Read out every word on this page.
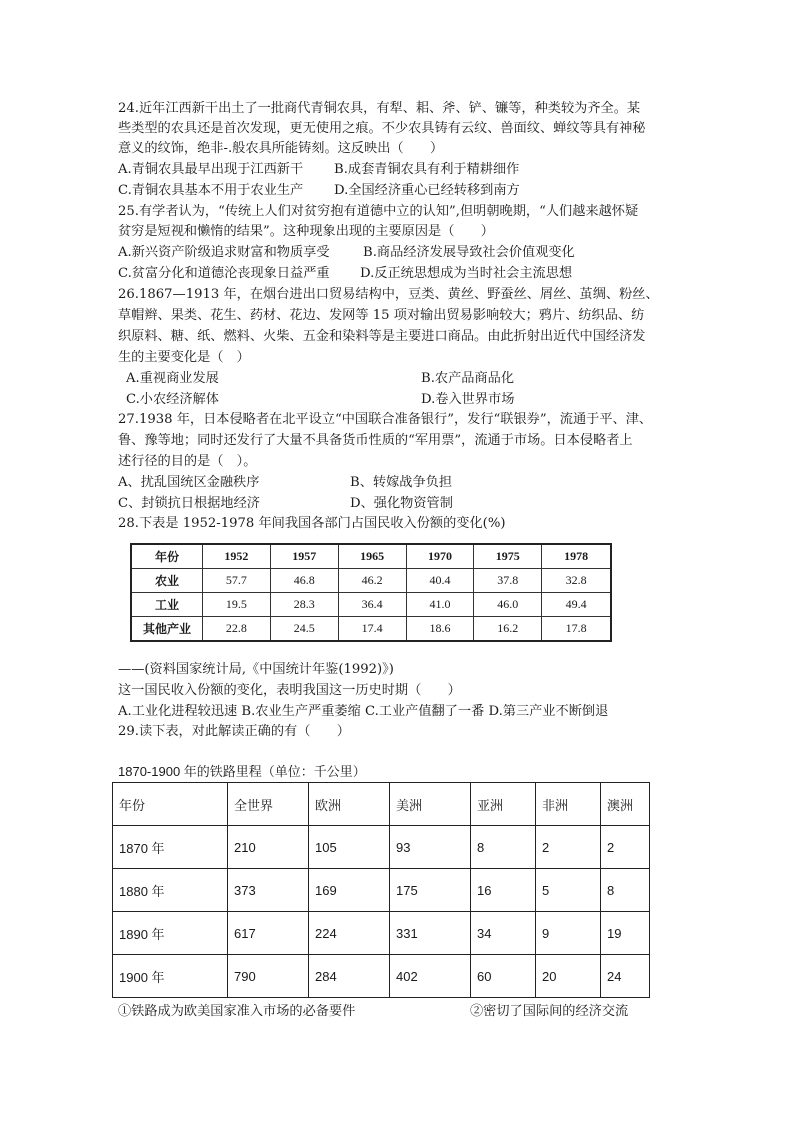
24.近年江西新干出土了一批商代青铜农具，有犁、耜、斧、铲、镰等，种类较为齐全。某
些类型的农具还是首次发现，更无使用之痕。不少农具铸有云纹、兽面纹、蝉纹等具有神秘
意义的纹饰，绝非-.般农具所能铸刻。这反映出（　　）
A.青铜农具最早出现于江西新干 B.成套青铜农具有利于精耕细作
C.青铜农具基本不用于农业生产 D.全国经济重心已经转移到南方
25.有学者认为，“传统上人们对贫穷抱有道德中立的认知”,但明朝晚期，“人们越来越怀疑
贫穷是短视和懒惰的结果”。这种现象出现的主要原因是（　　）
A.新兴资产阶级追求财富和物质享受	B.商品经济发展导致社会价值观变化
C.贫富分化和道德沦丧现象日益严重 D.反正统思想成为当时社会主流思想
26.1867—1913 年，在烟台进出口贸易结构中，豆类、黄丝、野蚕丝、屑丝、茧绸、粉丝、
草帽辫、果类、花生、药材、花边、发网等 15 项对输出贸易影响较大；鸦片、纺织品、纺
织原料、糖、纸、燃料、火柴、五金和染料等是主要进口商品。由此折射出近代中国经济发
生的主要变化是（　）
A.重视商业发展	B.农产品商品化
C.小农经济解体	D.卷入世界市场
27.1938 年，日本侵略者在北平设立“中国联合准备银行”，发行“联银券”，流通于平、津、
鲁、豫等地；同时还发行了大量不具备货币性质的“军用票”，流通于市场。日本侵略者上
述行径的目的是（　）。
A、扰乱国统区金融秩序	B、转嫁战争负担
C、封锁抗日根据地经济	D、强化物资管制
28.下表是 1952-1978 年间我国各部门占国民收入份额的变化(%)
年份	1952	1957	1965	1970	1975	1978
农业	57.7	46.8	46.2	40.4	37.8	32.8
工业	19.5	28.3	36.4	41.0	46.0	49.4
其他产业	22.8	24.5	17.4	18.6	16.2	17.8
——(资料国家统计局,《中国统计年鉴(1992)》)
这一国民收入份额的变化，表明我国这一历史时期（　　）
A.工业化进程较迅速 B.农业生产严重萎缩 C.工业产值翻了一番 D.第三产业不断倒退
29.读下表，对此解读正确的有（　　）
1870-1900 年的铁路里程（单位：千公里）
年份	全世界	欧洲	美洲	亚洲	非洲	澳洲
1870 年	210	105	93	8	2	2
1880 年	373	169	175	16	5	8
1890 年	617	224	331	34	9	19
1900 年	790	284	402	60	20	24
①铁路成为欧美国家准入市场的必备要件	②密切了国际间的经济交流
